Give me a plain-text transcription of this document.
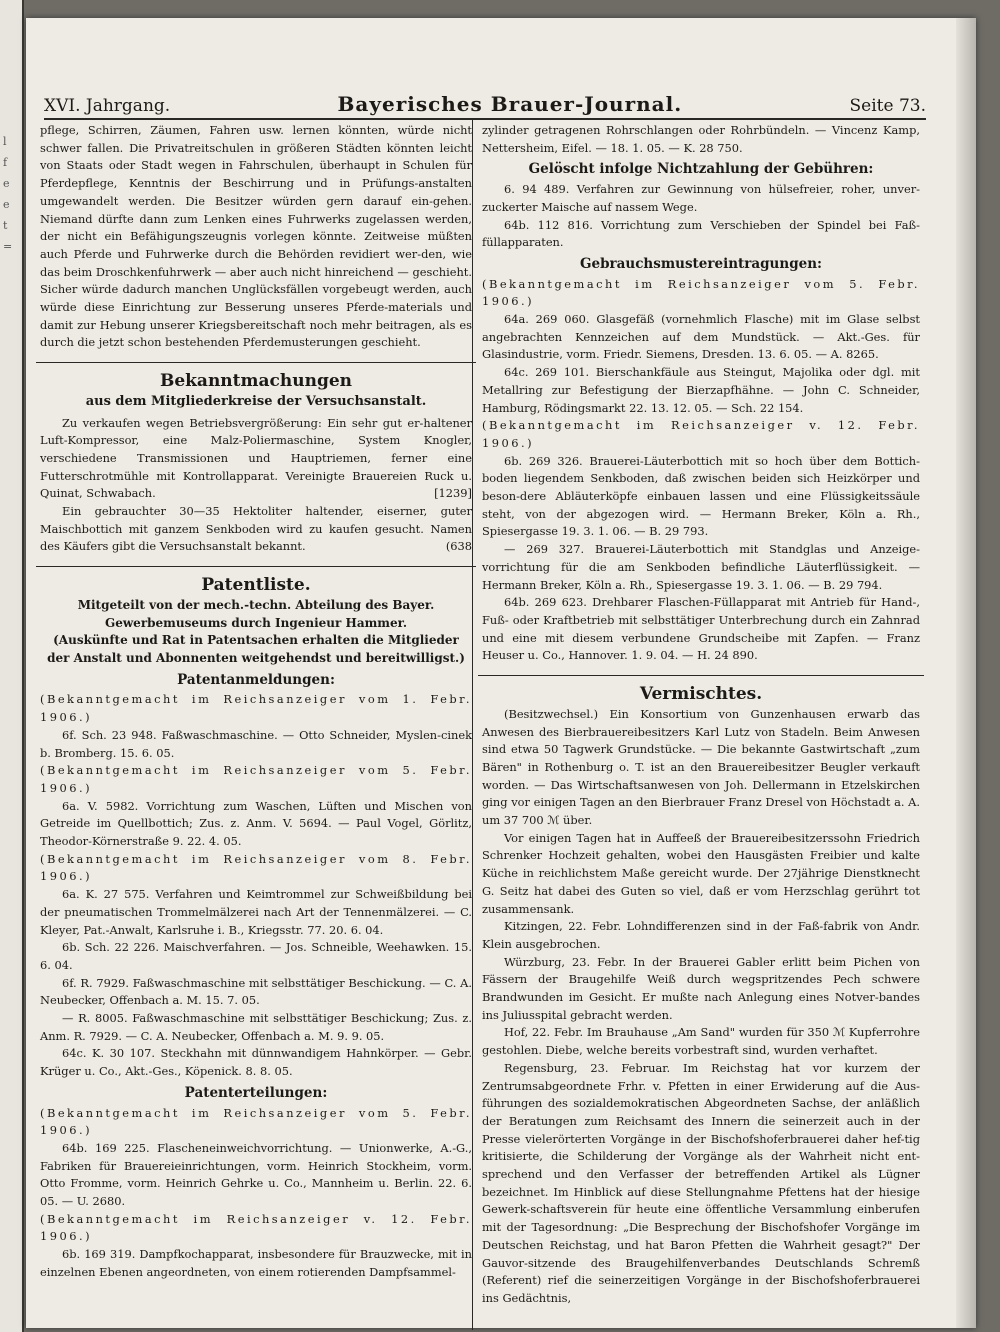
l
f
e
e
t
=
XVI. Jahrgang.	Bayerisches Brauer-Journal.	Seite 73.

pflege, Schirren, Zäumen, Fahren usw. lernen könnten, würde nicht schwer fallen. Die Privatreitschulen in größeren Städten könnten leicht von Staats oder Stadt wegen in Fahrschulen, überhaupt in Schulen für Pferdepflege, Kenntnis der Beschirrung und in Prüfungs-anstalten umgewandelt werden. Die Besitzer würden gern darauf ein-gehen. Niemand dürfte dann zum Lenken eines Fuhrwerks zugelassen werden, der nicht ein Befähigungszeugnis vorlegen könnte. Zeitweise müßten auch Pferde und Fuhrwerke durch die Behörden revidiert wer-den, wie das beim Droschkenfuhrwerk — aber auch nicht hinreichend — geschieht. Sicher würde dadurch manchen Unglücksfällen vorgebeugt werden, auch würde diese Einrichtung zur Besserung unseres Pferde-materials und damit zur Hebung unserer Kriegsbereitschaft noch mehr beitragen, als es durch die jetzt schon bestehenden Pferdemusterungen geschieht.

Bekanntmachungen
aus dem Mitgliederkreise der Versuchsanstalt.

Zu verkaufen wegen Betriebsvergrößerung: Ein sehr gut er-haltener Luft-Kompressor, eine Malz-Poliermaschine, System Knogler, verschiedene Transmissionen und Hauptriemen, ferner eine Futterschrotmühle mit Kontrollapparat. Vereinigte Brauereien Ruck u. Quinat, Schwabach.	[1239]

Ein gebrauchter 30—35 Hektoliter haltender, eiserner, guter Maischbottich mit ganzem Senkboden wird zu kaufen gesucht. Namen des Käufers gibt die Versuchsanstalt bekannt.	(638

Patentliste.

Mitgeteilt von der mech.-techn. Abteilung des Bayer. Gewerbemuseums durch Ingenieur Hammer.

(Auskünfte und Rat in Patentsachen erhalten die Mitglieder der Anstalt und Abonnenten weitgehendst und bereitwilligst.)

Patentanmeldungen:

(Bekanntgemacht im Reichsanzeiger vom 1. Febr. 1906.)

6f. Sch. 23 948. Faßwaschmaschine. — Otto Schneider, Myslen-cinek b. Bromberg. 15. 6. 05.

(Bekanntgemacht im Reichsanzeiger vom 5. Febr. 1906.)

6a. V. 5982. Vorrichtung zum Waschen, Lüften und Mischen von Getreide im Quellbottich; Zus. z. Anm. V. 5694. — Paul Vogel, Görlitz, Theodor-Körnerstraße 9. 22. 4. 05.

(Bekanntgemacht im Reichsanzeiger vom 8. Febr. 1906.)

6a. K. 27 575. Verfahren und Keimtrommel zur Schweißbildung bei der pneumatischen Trommelmälzerei nach Art der Tennenmälzerei. — C. Kleyer, Pat.-Anwalt, Karlsruhe i. B., Kriegsstr. 77. 20. 6. 04.

6b. Sch. 22 226. Maischverfahren. — Jos. Schneible, Weehawken. 15. 6. 04.

6f. R. 7929. Faßwaschmaschine mit selbsttätiger Beschickung. — C. A. Neubecker, Offenbach a. M. 15. 7. 05.

— R. 8005. Faßwaschmaschine mit selbsttätiger Beschickung; Zus. z. Anm. R. 7929. — C. A. Neubecker, Offenbach a. M. 9. 9. 05.

64c. K. 30 107. Steckhahn mit dünnwandigem Hahnkörper. — Gebr. Krüger u. Co., Akt.-Ges., Köpenick. 8. 8. 05.

Patenterteilungen:

(Bekanntgemacht im Reichsanzeiger vom 5. Febr. 1906.)

64b. 169 225. Flascheneinweichvorrichtung. — Unionwerke, A.-G., Fabriken für Brauereieinrichtungen, vorm. Heinrich Stockheim, vorm. Otto Fromme, vorm. Heinrich Gehrke u. Co., Mannheim u. Berlin. 22. 6. 05. — U. 2680.

(Bekanntgemacht im Reichsanzeiger v. 12. Febr. 1906.)

6b. 169 319. Dampfkochapparat, insbesondere für Brauzwecke, mit in einzelnen Ebenen angeordneten, von einem rotierenden Dampfsammel-

zylinder getragenen Rohrschlangen oder Rohrbündeln. — Vincenz Kamp, Nettersheim, Eifel. — 18. 1. 05. — K. 28 750.

Gelöscht infolge Nichtzahlung der Gebühren:

6. 94 489. Verfahren zur Gewinnung von hülsefreier, roher, unver-zuckerter Maische auf nassem Wege.

64b. 112 816. Vorrichtung zum Verschieben der Spindel bei Faß-füllapparaten.

Gebrauchsmustereintragungen:

(Bekanntgemacht im Reichsanzeiger vom 5. Febr. 1906.)

64a. 269 060. Glasgefäß (vornehmlich Flasche) mit im Glase selbst angebrachten Kennzeichen auf dem Mundstück. — Akt.-Ges. für Glasindustrie, vorm. Friedr. Siemens, Dresden. 13. 6. 05. — A. 8265.

64c. 269 101. Bierschankfäule aus Steingut, Majolika oder dgl. mit Metallring zur Befestigung der Bierzapfhähne. — John C. Schneider, Hamburg, Rödingsmarkt 22. 13. 12. 05. — Sch. 22 154.

(Bekanntgemacht im Reichsanzeiger v. 12. Febr. 1906.)

6b. 269 326. Brauerei-Läuterbottich mit so hoch über dem Bottich-boden liegendem Senkboden, daß zwischen beiden sich Heizkörper und beson-dere Abläuterköpfe einbauen lassen und eine Flüssigkeitssäule steht, von der abgezogen wird. — Hermann Breker, Köln a. Rh., Spiesergasse 19. 3. 1. 06. — B. 29 793.

— 269 327. Brauerei-Läuterbottich mit Standglas und Anzeige-vorrichtung für die am Senkboden befindliche Läuterflüssigkeit. — Hermann Breker, Köln a. Rh., Spiesergasse 19. 3. 1. 06. — B. 29 794.

64b. 269 623. Drehbarer Flaschen-Füllapparat mit Antrieb für Hand-, Fuß- oder Kraftbetrieb mit selbsttätiger Unterbrechung durch ein Zahnrad und eine mit diesem verbundene Grundscheibe mit Zapfen. — Franz Heuser u. Co., Hannover. 1. 9. 04. — H. 24 890.

Vermischtes.

(Besitzwechsel.) Ein Konsortium von Gunzenhausen erwarb das Anwesen des Bierbrauereibesitzers Karl Lutz von Stadeln. Beim Anwesen sind etwa 50 Tagwerk Grundstücke. — Die bekannte Gastwirtschaft „zum Bären" in Rothenburg o. T. ist an den Brauereibesitzer Beugler verkauft worden. — Das Wirtschaftsanwesen von Joh. Dellermann in Etzelskirchen ging vor einigen Tagen an den Bierbrauer Franz Dresel von Höchstadt a. A. um 37 700 ℳ über.

Vor einigen Tagen hat in Auffeeß der Brauereibesitzerssohn Friedrich Schrenker Hochzeit gehalten, wobei den Hausgästen Freibier und kalte Küche in reichlichstem Maße gereicht wurde. Der 27jährige Dienstknecht G. Seitz hat dabei des Guten so viel, daß er vom Herzschlag gerührt tot zusammensank.

Kitzingen, 22. Febr. Lohndifferenzen sind in der Faß-fabrik von Andr. Klein ausgebrochen.

Würzburg, 23. Febr. In der Brauerei Gabler erlitt beim Pichen von Fässern der Braugehilfe Weiß durch wegspritzendes Pech schwere Brandwunden im Gesicht. Er mußte nach Anlegung eines Notver-bandes ins Juliusspital gebracht werden.

Hof, 22. Febr. Im Brauhause „Am Sand" wurden für 350 ℳ Kupferrohre gestohlen. Diebe, welche bereits vorbestraft sind, wurden verhaftet.

Regensburg, 23. Februar. Im Reichstag hat vor kurzem der Zentrumsabgeordnete Frhr. v. Pfetten in einer Erwiderung auf die Aus-führungen des sozialdemokratischen Abgeordneten Sachse, der anläßlich der Beratungen zum Reichsamt des Innern die seinerzeit auch in der Presse vielerörterten Vorgänge in der Bischofshoferbrauerei daher hef-tig kritisierte, die Schilderung der Vorgänge als der Wahrheit nicht ent-sprechend und den Verfasser der betreffenden Artikel als Lügner bezeichnet. Im Hinblick auf diese Stellungnahme Pfettens hat der hiesige Gewerk-schaftsverein für heute eine öffentliche Versammlung einberufen mit der Tagesordnung: „Die Besprechung der Bischofshofer Vorgänge im Deutschen Reichstag, und hat Baron Pfetten die Wahrheit gesagt?" Der Gauvor-sitzende des Braugehilfenverbandes Deutschlands Schremß (Referent) rief die seinerzeitigen Vorgänge in der Bischofshoferbrauerei ins Gedächtnis,
